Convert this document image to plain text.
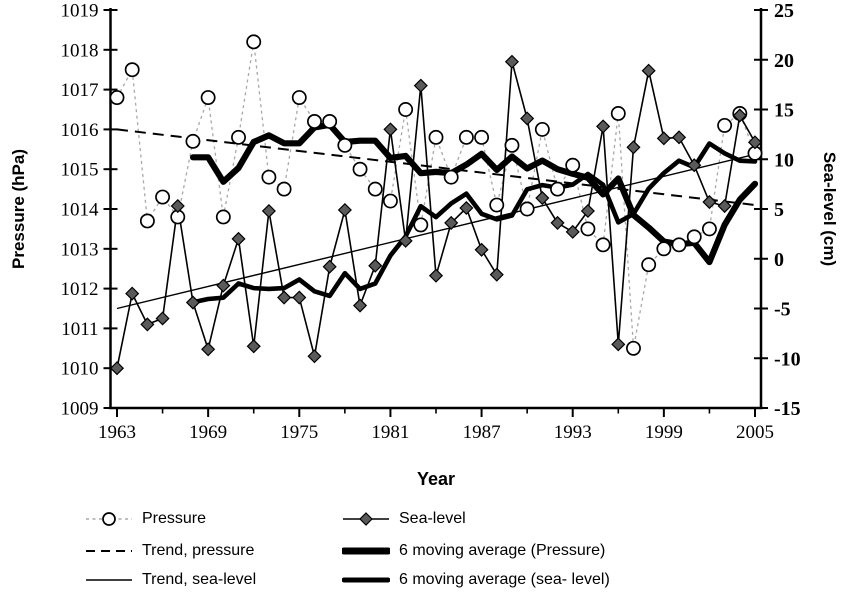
1009
1010
1011
1012
1013
1014
1015
1016
1017
1018
1019
-15
-10
-5
0
5
10
15
20
25
1963	1969	1975	1981	1987	1993	1999	2005
Pressure (hPa)	Sea-level (cm)
Year
Pressure
Trend, pressure
Trend, sea-level
Sea-level
6 moving average (Pressure)
6 moving average (sea- level)
